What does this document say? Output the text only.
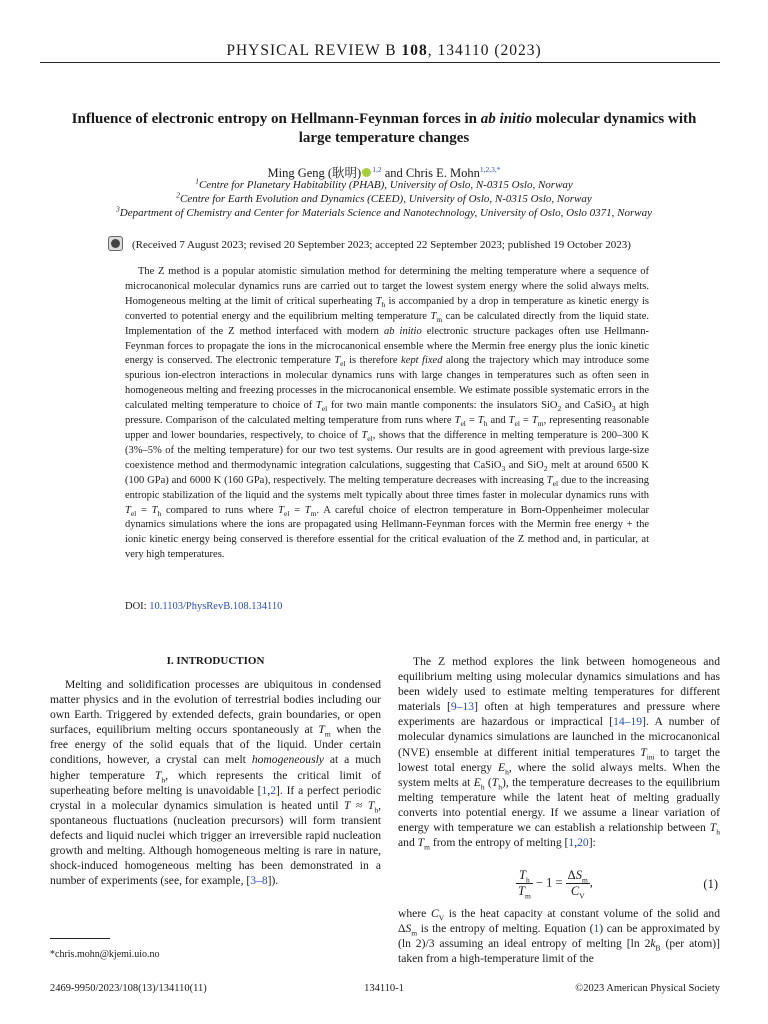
PHYSICAL REVIEW B 108, 134110 (2023)
Influence of electronic entropy on Hellmann-Feynman forces in ab initio molecular dynamics with large temperature changes
Ming Geng (耿明) $^{1,2}$ and Chris E. Mohn$^{1,2,3,*}$
$^1$Centre for Planetary Habitability (PHAB), University of Oslo, N-0315 Oslo, Norway
$^2$Centre for Earth Evolution and Dynamics (CEED), University of Oslo, N-0315 Oslo, Norway
$^3$Department of Chemistry and Center for Materials Science and Nanotechnology, University of Oslo, Oslo 0371, Norway
(Received 7 August 2023; revised 20 September 2023; accepted 22 September 2023; published 19 October 2023)
The Z method is a popular atomistic simulation method for determining the melting temperature where a sequence of microcanonical molecular dynamics runs are carried out to target the lowest system energy where the solid always melts. Homogeneous melting at the limit of critical superheating $T_h$ is accompanied by a drop in temperature as kinetic energy is converted to potential energy and the equilibrium melting temperature $T_m$ can be calculated directly from the liquid state. Implementation of the Z method interfaced with modern ab initio electronic structure packages often use Hellmann-Feynman forces to propagate the ions in the microcanonical ensemble where the Mermin free energy plus the ionic kinetic energy is conserved. The electronic temperature $T_{el}$ is therefore kept fixed along the trajectory which may introduce some spurious ion-electron interactions in molecular dynamics runs with large changes in temperatures such as often seen in homogeneous melting and freezing processes in the microcanonical ensemble. We estimate possible systematic errors in the calculated melting temperature to choice of $T_{el}$ for two main mantle components: the insulators SiO$_2$ and CaSiO$_3$ at high pressure. Comparison of the calculated melting temperature from runs where $T_{el} = T_h$ and $T_{el} = T_m$, representing reasonable upper and lower boundaries, respectively, to choice of $T_{el}$, shows that the difference in melting temperature is 200–300 K (3%–5% of the melting temperature) for our two test systems. Our results are in good agreement with previous large-size coexistence method and thermodynamic integration calculations, suggesting that CaSiO$_3$ and SiO$_2$ melt at around 6500 K (100 GPa) and 6000 K (160 GPa), respectively. The melting temperature decreases with increasing $T_{el}$ due to the increasing entropic stabilization of the liquid and the systems melt typically about three times faster in molecular dynamics runs with $T_{el} = T_h$ compared to runs where $T_{el} = T_m$. A careful choice of electron temperature in Born-Oppenheimer molecular dynamics simulations where the ions are propagated using Hellmann-Feynman forces with the Mermin free energy + the ionic kinetic energy being conserved is therefore essential for the critical evaluation of the Z method and, in particular, at very high temperatures.
DOI: 10.1103/PhysRevB.108.134110
I. INTRODUCTION
Melting and solidification processes are ubiquitous in condensed matter physics and in the evolution of terrestrial bodies including our own Earth. Triggered by extended defects, grain boundaries, or open surfaces, equilibrium melting occurs spontaneously at $T_m$ when the free energy of the solid equals that of the liquid. Under certain conditions, however, a crystal can melt homogeneously at a much higher temperature $T_h$, which represents the critical limit of superheating before melting is unavoidable [1,2]. If a perfect periodic crystal in a molecular dynamics simulation is heated until $T \approx T_h$, spontaneous fluctuations (nucleation precursors) will form transient defects and liquid nuclei which trigger an irreversible rapid nucleation growth and melting. Although homogeneous melting is rare in nature, shock-induced homogeneous melting has been demonstrated in a number of experiments (see, for example, [3–8]).
The Z method explores the link between homogeneous and equilibrium melting using molecular dynamics simulations and has been widely used to estimate melting temperatures for different materials [9–13] often at high temperatures and pressure where experiments are hazardous or impractical [14–19]. A number of molecular dynamics simulations are launched in the microcanonical (NVE) ensemble at different initial temperatures $T_{ini}$ to target the lowest total energy $E_h$, where the solid always melts. When the system melts at $E_h$ $(T_h)$, the temperature decreases to the equilibrium melting temperature while the latent heat of melting gradually converts into potential energy. If we assume a linear variation of energy with temperature we can establish a relationship between $T_h$ and $T_m$ from the entropy of melting [1,20]:
$\frac{T_h}{T_m} - 1 = \frac{\Delta S_m}{C_V}$ ,	(1)
where $C_V$ is the heat capacity at constant volume of the solid and $\Delta S_m$ is the entropy of melting. Equation (1) can be approximated by (ln 2)/3 assuming an ideal entropy of melting [ln $2k_B$ (per atom)] taken from a high-temperature limit of the
*chris.mohn@kjemi.uio.no
2469-9950/2023/108(13)/134110(11)	134110-1	©2023 American Physical Society
